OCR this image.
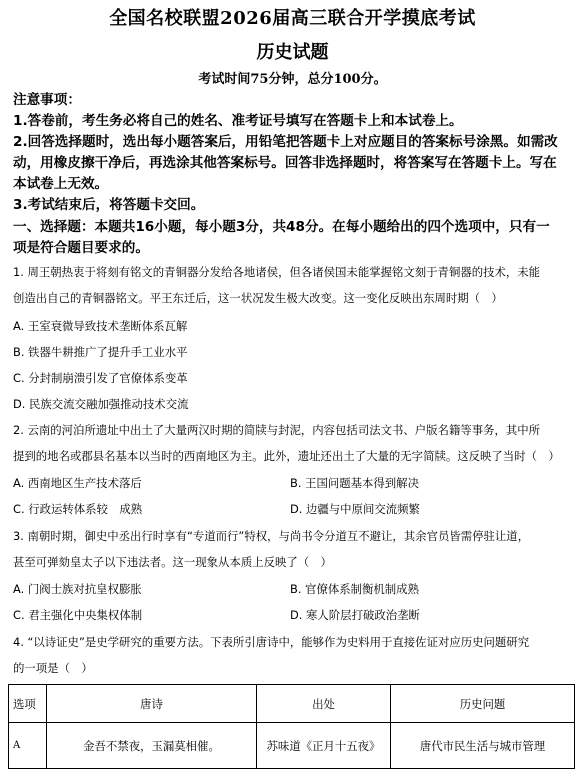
全国名校联盟2026届高三联合开学摸底考试
历史试题
考试时间75分钟，总分100分。
注意事项：
1.答卷前，考生务必将自己的姓名、准考证号填写在答题卡上和本试卷上。
2.回答选择题时，选出每小题答案后，用铅笔把答题卡上对应题目的答案标号涂黑。如需改
动，用橡皮擦干净后，再选涂其他答案标号。回答非选择题时，将答案写在答题卡上。写在
本试卷上无效。
3.考试结束后，将答题卡交回。
一、选择题：本题共16小题，每小题3分，共48分。在每小题给出的四个选项中，只有一
项是符合题目要求的。
1. 周王朝热衷于将刻有铭文的青铜器分发给各地诸侯，但各诸侯国未能掌握铭文刻于青铜器的技术，未能
创造出自己的青铜器铭文。平王东迁后，这一状况发生极大改变。这一变化反映出东周时期（　）
A. 王室衰微导致技术垄断体系瓦解
B. 铁器牛耕推广了提升手工业水平
C. 分封制崩溃引发了官僚体系变革
D. 民族交流交融加强推动技术交流
2. 云南的河泊所遗址中出土了大量两汉时期的简牍与封泥，内容包括司法文书、户版名籍等事务，其中所
提到的地名或郡县名基本以当时的西南地区为主。此外，遗址还出土了大量的无字简牍。这反映了当时（　）
A. 西南地区生产技术落后	B. 王国问题基本得到解决
C. 行政运转体系较　成熟	D. 边疆与中原间交流频繁
3. 南朝时期，御史中丞出行时享有“专道而行”特权，与尚书令分道互不避让，其余官员皆需停驻让道，
甚至可弹劾皇太子以下违法者。这一现象从本质上反映了（　）
A. 门阀士族对抗皇权膨胀	B. 官僚体系制衡机制成熟
C. 君主强化中央集权体制	D. 寒人阶层打破政治垄断
4. “以诗证史”是史学研究的重要方法。下表所引唐诗中，能够作为史料用于直接佐证对应历史问题研究
的一项是（　）
选项	唐诗	出处	历史问题
A	金吾不禁夜，玉漏莫相催。	苏味道《正月十五夜》	唐代市民生活与城市管理
